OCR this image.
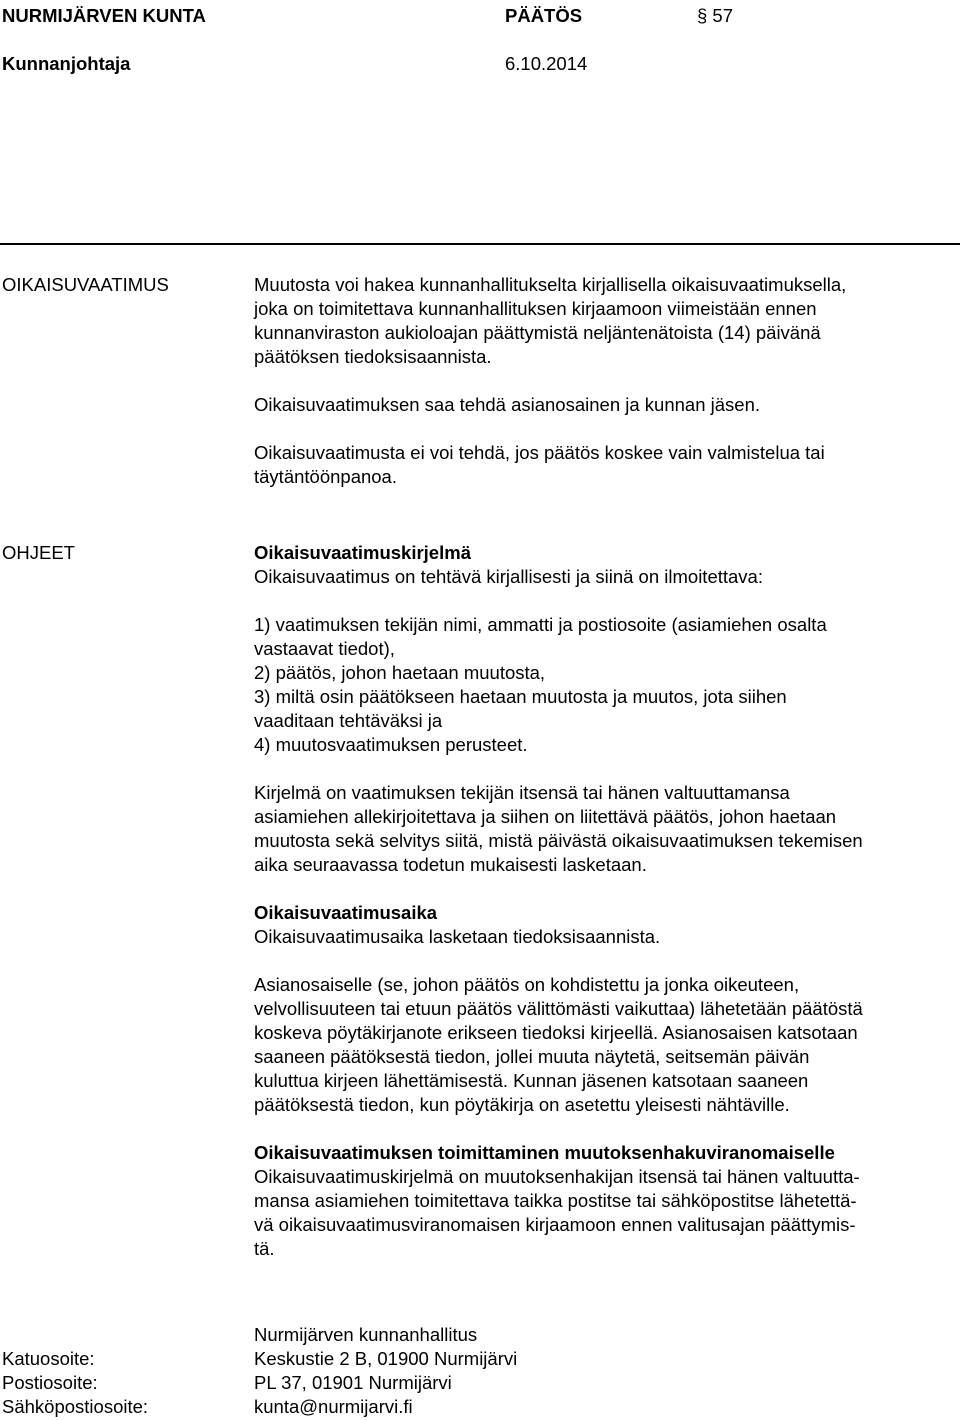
NURMIJÄRVEN KUNTA	PÄÄTÖS	§ 57
Kunnanjohtaja	6.10.2014
OIKAISUVAATIMUS	Muutosta voi hakea kunnanhallitukselta kirjallisella oikaisuvaatimuksella,
joka on toimitettava kunnanhallituksen kirjaamoon viimeistään ennen
kunnanviraston aukioloajan päättymistä neljäntenätoista (14) päivänä
päätöksen tiedoksisaannista.

Oikaisuvaatimuksen saa tehdä asianosainen ja kunnan jäsen.

Oikaisuvaatimusta ei voi tehdä, jos päätös koskee vain valmistelua tai
täytäntöönpanoa.

OHJEET	Oikaisuvaatimuskirjelmä
Oikaisuvaatimus on tehtävä kirjallisesti ja siinä on ilmoitettava:

1) vaatimuksen tekijän nimi, ammatti ja postiosoite (asiamiehen osalta
vastaavat tiedot),
2) päätös, johon haetaan muutosta,
3) miltä osin päätökseen haetaan muutosta ja muutos, jota siihen
vaaditaan tehtäväksi ja
4) muutosvaatimuksen perusteet.

Kirjelmä on vaatimuksen tekijän itsensä tai hänen valtuuttamansa
asiamiehen allekirjoitettava ja siihen on liitettävä päätös, johon haetaan
muutosta sekä selvitys siitä, mistä päivästä oikaisuvaatimuksen tekemisen
aika seuraavassa todetun mukaisesti lasketaan.

Oikaisuvaatimusaika
Oikaisuvaatimusaika lasketaan tiedoksisaannista.

Asianosaiselle (se, johon päätös on kohdistettu ja jonka oikeuteen,
velvollisuuteen tai etuun päätös välittömästi vaikuttaa) lähetetään päätöstä
koskeva pöytäkirjanote erikseen tiedoksi kirjeellä. Asianosaisen katsotaan
saaneen päätöksestä tiedon, jollei muuta näytetä, seitsemän päivän
kuluttua kirjeen lähettämisestä. Kunnan jäsenen katsotaan saaneen
päätöksestä tiedon, kun pöytäkirja on asetettu yleisesti nähtäville.

Oikaisuvaatimuksen toimittaminen muutoksenhakuviranomaiselle
Oikaisuvaatimuskirjelmä on muutoksenhakijan itsensä tai hänen valtuutta-
mansa asiamiehen toimitettava taikka postitse tai sähköpostitse lähetettä-
vä oikaisuvaatimusviranomaisen kirjaamoon ennen valitusajan päättymis-
tä.

Nurmijärven kunnanhallitus
Katuosoite:	Keskustie 2 B, 01900 Nurmijärvi
Postiosoite:	PL 37, 01901 Nurmijärvi
Sähköpostiosoite:	kunta@nurmijarvi.fi
